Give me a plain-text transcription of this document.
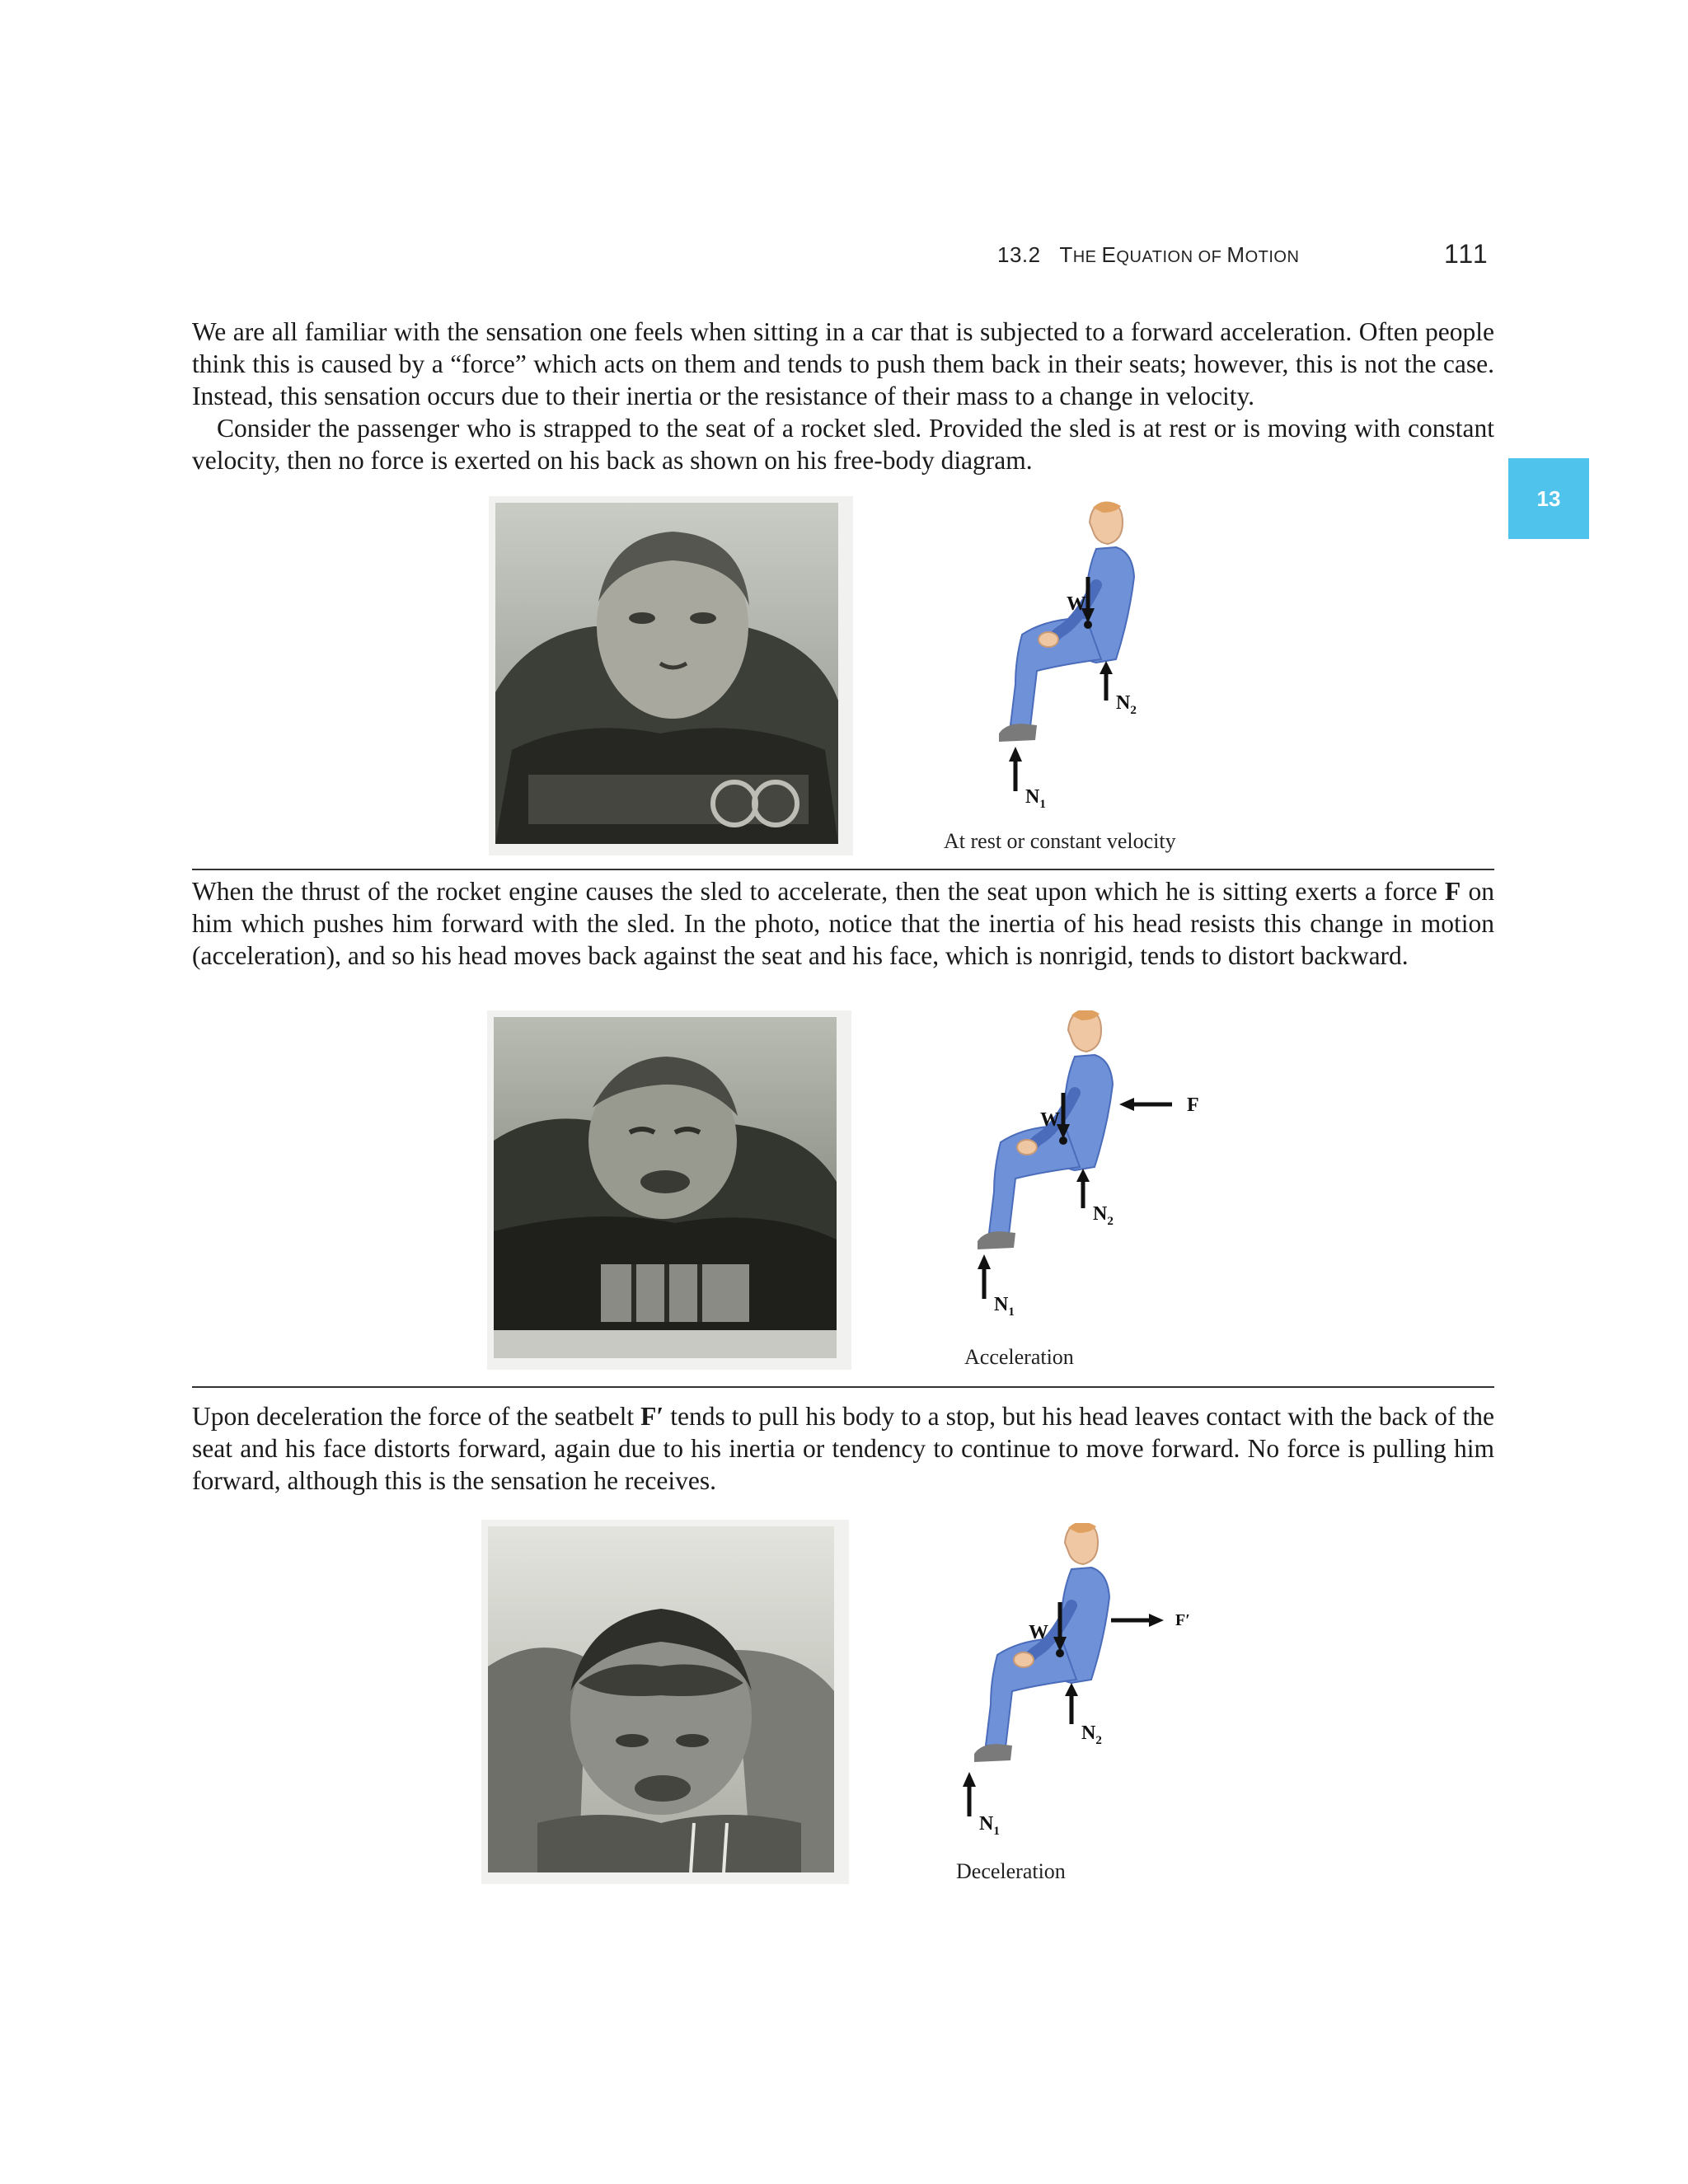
13.2 THE EQUATION OF MOTION	111
13

We are all familiar with the sensation one feels when sitting in a car that is subjected to a forward acceleration. Often people think this is caused by a “force” which acts on them and tends to push them back in their seats; however, this is not the case. Instead, this sensation occurs due to their inertia or the resistance of their mass to a change in velocity.

Consider the passenger who is strapped to the seat of a rocket sled. Provided the sled is at rest or is moving with constant velocity, then no force is exerted on his back as shown on his free-body diagram.

W
$N_2$
$N_1$
At rest or constant velocity

When the thrust of the rocket engine causes the sled to accelerate, then the seat upon which he is sitting exerts a force F on him which pushes him forward with the sled. In the photo, notice that the inertia of his head resists this change in motion (acceleration), and so his head moves back against the seat and his face, which is nonrigid, tends to distort backward.

W
F
$N_2$
$N_1$
Acceleration

Upon deceleration the force of the seatbelt F′ tends to pull his body to a stop, but his head leaves contact with the back of the seat and his face distorts forward, again due to his inertia or tendency to continue to move forward. No force is pulling him forward, although this is the sensation he receives.

W
F′
$N_2$
$N_1$
Deceleration
